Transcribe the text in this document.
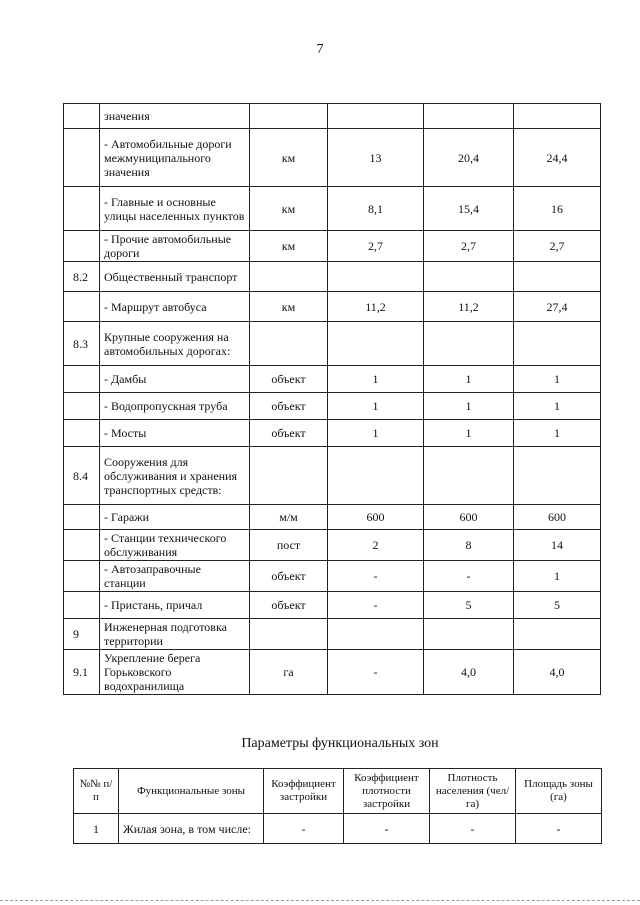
7
	значения				
	- Автомобильные дороги межмуниципального значения	км	13	20,4	24,4
	- Главные и основные улицы населенных пунктов	км	8,1	15,4	16
	- Прочие автомобильные дороги	км	2,7	2,7	2,7
8.2	Общественный транспорт				
	- Маршрут автобуса	км	11,2	11,2	27,4
8.3	Крупные сооружения на автомобильных дорогах:				
	- Дамбы	объект	1	1	1
	- Водопропускная труба	объект	1	1	1
	- Мосты	объект	1	1	1
8.4	Сооружения для обслуживания и хранения транспортных средств:				
	- Гаражи	м/м	600	600	600
	- Станции технического обслуживания	пост	2	8	14
	- Автозаправочные станции	объект	-	-	1
	- Пристань, причал	объект	-	5	5
9	Инженерная подготовка территории				
9.1	Укрепление берега Горьковского водохранилища	га	-	4,0	4,0
Параметры функциональных зон
№№ п/п	Функциональные зоны	Коэффициент застройки	Коэффициент плотности застройки	Плотность населения (чел/га)	Площадь зоны (га)
1	Жилая зона, в том числе:	-	-	-	-
